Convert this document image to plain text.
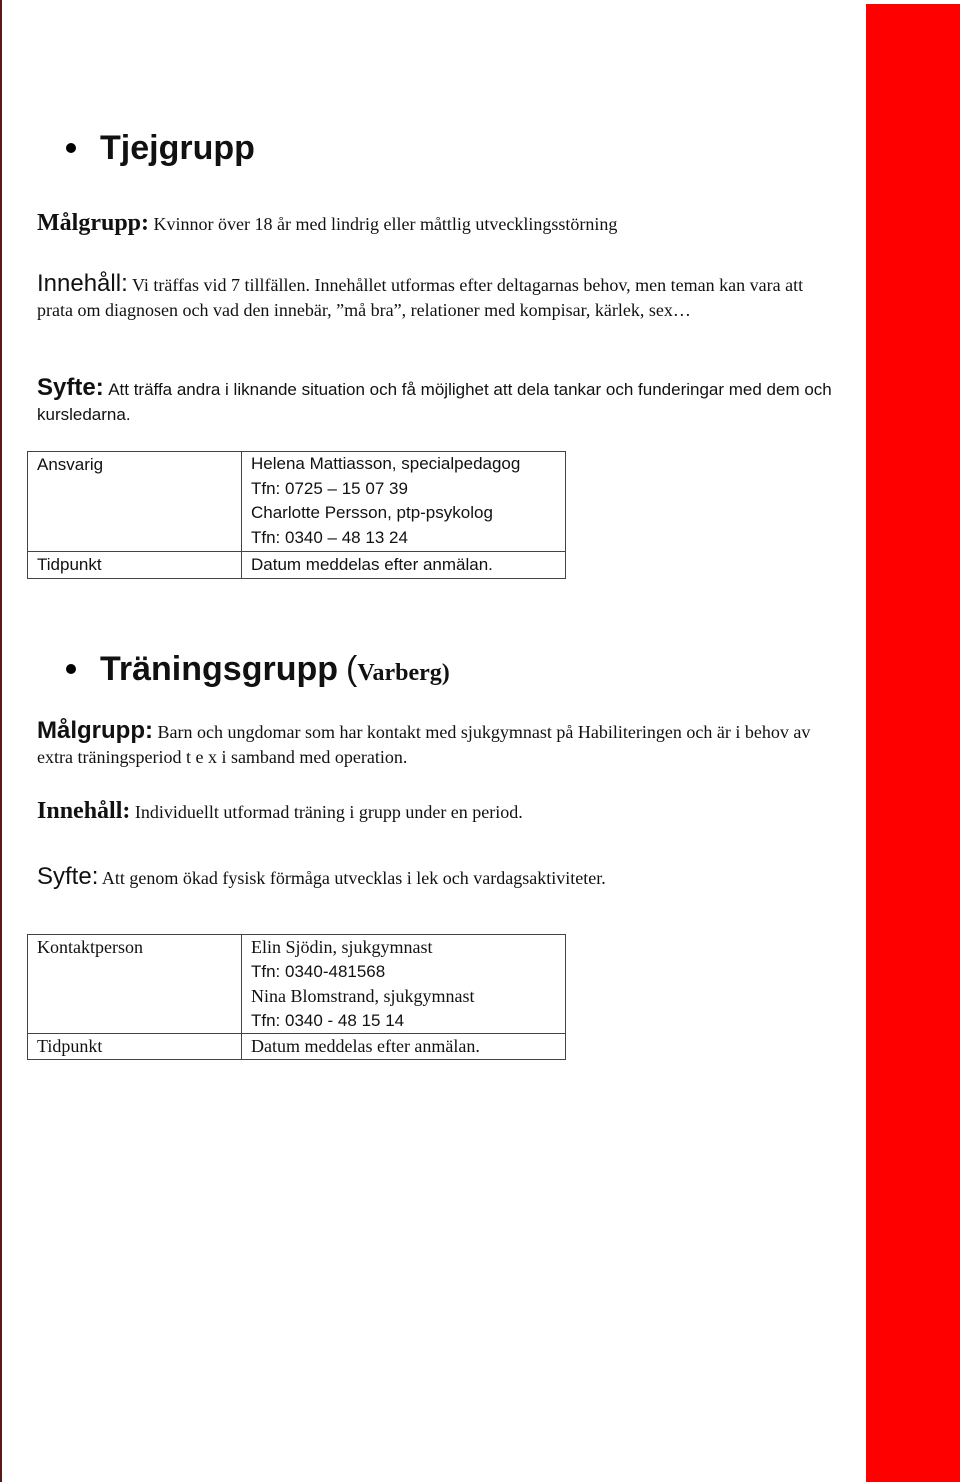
Tjejgrupp

Målgrupp: Kvinnor över 18 år med lindrig eller måttlig utvecklingsstörning

Innehåll: Vi träffas vid 7 tillfällen. Innehållet utformas efter deltagarnas behov, men teman kan vara att prata om diagnosen och vad den innebär, ”må bra”, relationer med kompisar, kärlek, sex…

Syfte: Att träffa andra i liknande situation och få möjlighet att dela tankar och funderingar med dem och kursledarna.

Ansvarig	Helena Mattiasson, specialpedagog
Tfn: 0725 – 15 07 39
Charlotte Persson, ptp-psykolog
Tfn: 0340 – 48 13 24

Tidpunkt	Datum meddelas efter anmälan.
Träningsgrupp (Varberg)

Målgrupp: Barn och ungdomar som har kontakt med sjukgymnast på Habiliteringen och är i behov av extra träningsperiod t e x i samband med operation.

Innehåll: Individuellt utformad träning i grupp under en period.

Syfte: Att genom ökad fysisk förmåga utvecklas i lek och vardagsaktiviteter.

Kontaktperson	Elin Sjödin, sjukgymnast
Tfn: 0340-481568
Nina Blomstrand, sjukgymnast
Tfn: 0340 - 48 15 14

Tidpunkt	Datum meddelas efter anmälan.
